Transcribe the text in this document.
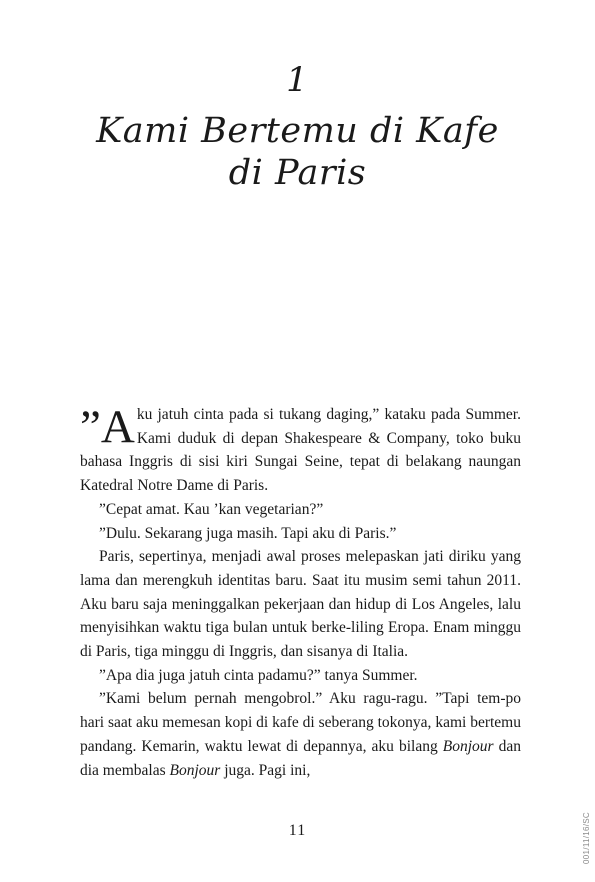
1
Kami Bertemu di Kafe
di Paris

”A ku jatuh cinta pada si tukang daging,” kataku pada Summer. Kami duduk di depan Shakespeare & Company, toko buku bahasa Inggris di sisi kiri Sungai Seine, tepat di belakang naungan Katedral Notre Dame di Paris.

”Cepat amat. Kau ’kan vegetarian?”

”Dulu. Sekarang juga masih. Tapi aku di Paris.”

Paris, sepertinya, menjadi awal proses melepaskan jati diriku yang lama dan merengkuh identitas baru. Saat itu musim semi tahun 2011. Aku baru saja meninggalkan pekerjaan dan hidup di Los Angeles, lalu menyisihkan waktu tiga bulan untuk berke-liling Eropa. Enam minggu di Paris, tiga minggu di Inggris, dan sisanya di Italia.

”Apa dia juga jatuh cinta padamu?” tanya Summer.

”Kami belum pernah mengobrol.” Aku ragu-ragu. ”Tapi tem-po hari saat aku memesan kopi di kafe di seberang tokonya, kami bertemu pandang. Kemarin, waktu lewat di depannya, aku bilang Bonjour dan dia membalas Bonjour juga. Pagi ini,

11	001/11/16/SC
